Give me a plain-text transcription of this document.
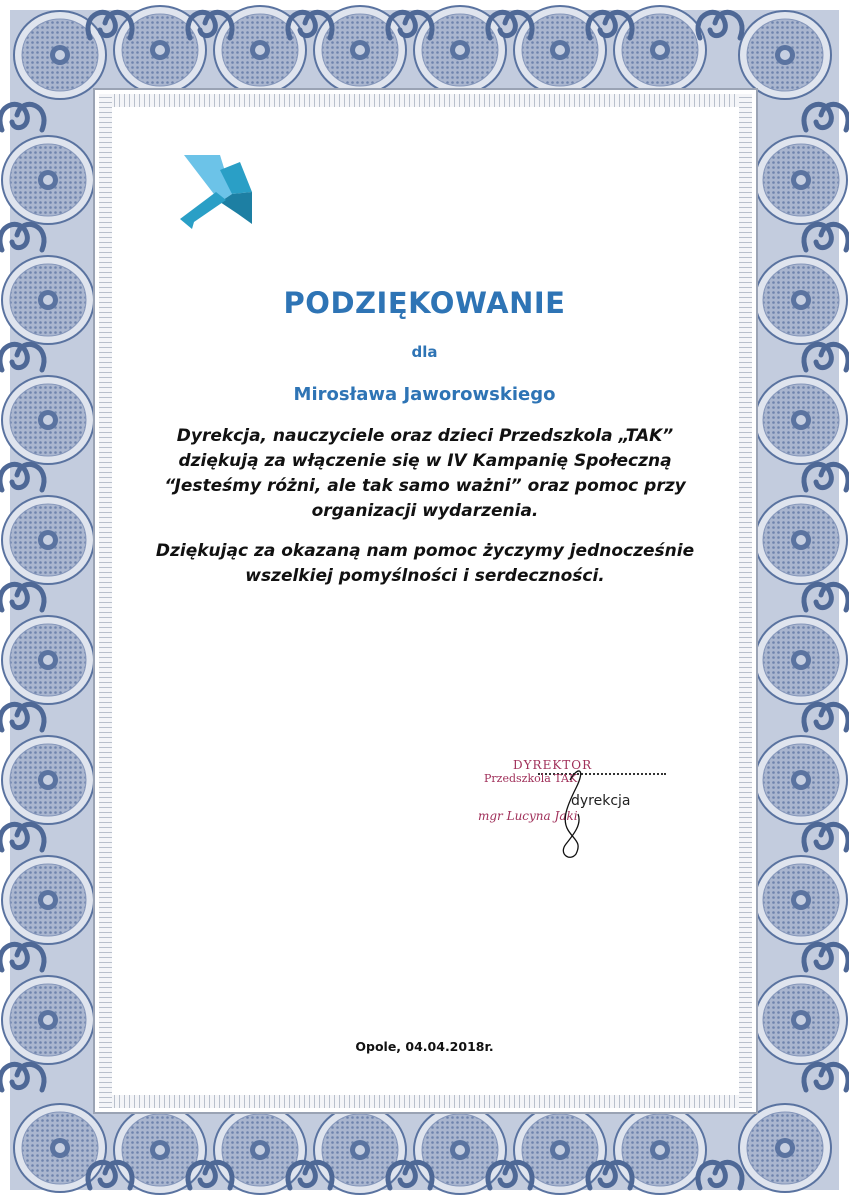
PODZIĘKOWANIE
dla
Mirosława Jaworowskiego
Dyrekcja, nauczyciele oraz dzieci Przedszkola „TAK”
dziękują za włączenie się w IV Kampanię Społeczną
“Jesteśmy różni, ale tak samo ważni” oraz pomoc przy
organizacji wydarzenia.
Dziękując za okazaną nam pomoc życzymy jednocześnie
wszelkiej pomyślności i serdeczności.
DYREKTOR
Przedszkola TAK
mgr Lucyna Jaki
dyrekcja
Opole, 04.04.2018r.
